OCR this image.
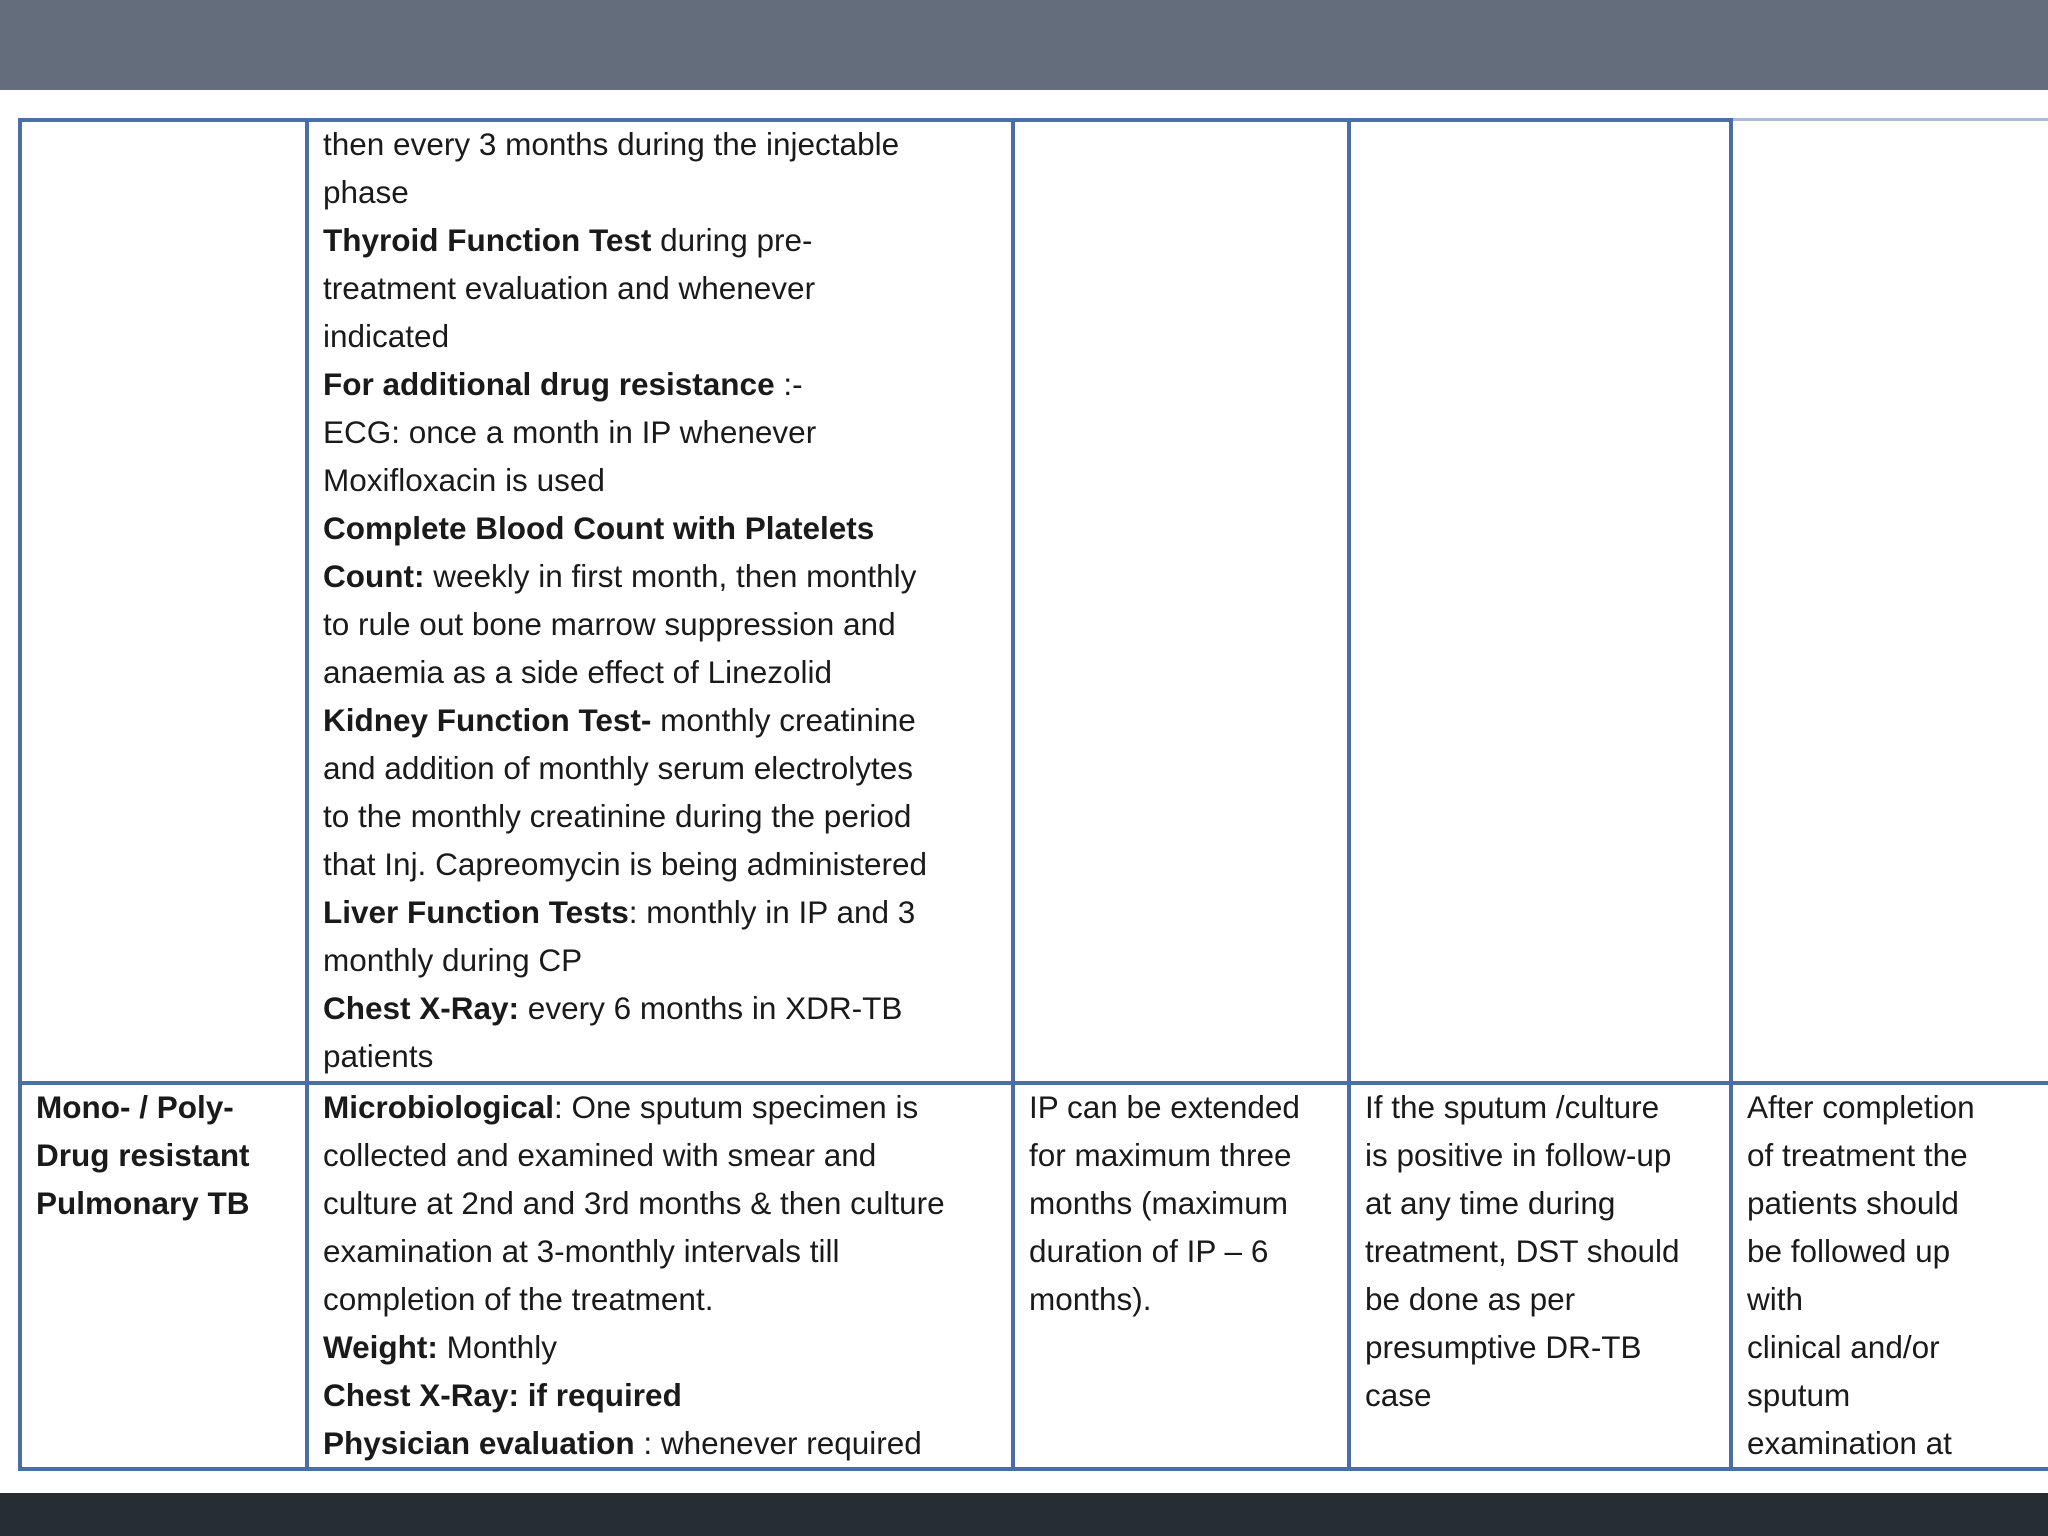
then every 3 months during the injectable
phase
Thyroid Function Test during pre-
treatment evaluation and whenever
indicated
For additional drug resistance :-
ECG: once a month in IP whenever
Moxifloxacin is used
Complete Blood Count with Platelets
Count: weekly in first month, then monthly
to rule out bone marrow suppression and
anaemia as a side effect of Linezolid
Kidney Function Test- monthly creatinine
and addition of monthly serum electrolytes
to the monthly creatinine during the period
that Inj. Capreomycin is being administered
Liver Function Tests: monthly in IP and 3
monthly during CP
Chest X-Ray: every 6 months in XDR-TB
patients
Mono- / Poly-
Drug resistant
Pulmonary TB
Microbiological: One sputum specimen is
collected and examined with smear and
culture at 2nd and 3rd months & then culture
examination at 3-monthly intervals till
completion of the treatment.
Weight: Monthly
Chest X-Ray: if required
Physician evaluation : whenever required
IP can be extended
for maximum three
months (maximum
duration of IP – 6
months).
If the sputum /culture
is positive in follow-up
at any time during
treatment, DST should
be done as per
presumptive DR-TB
case
After completion
of treatment the
patients should
be followed up
with
clinical and/or
sputum
examination at
